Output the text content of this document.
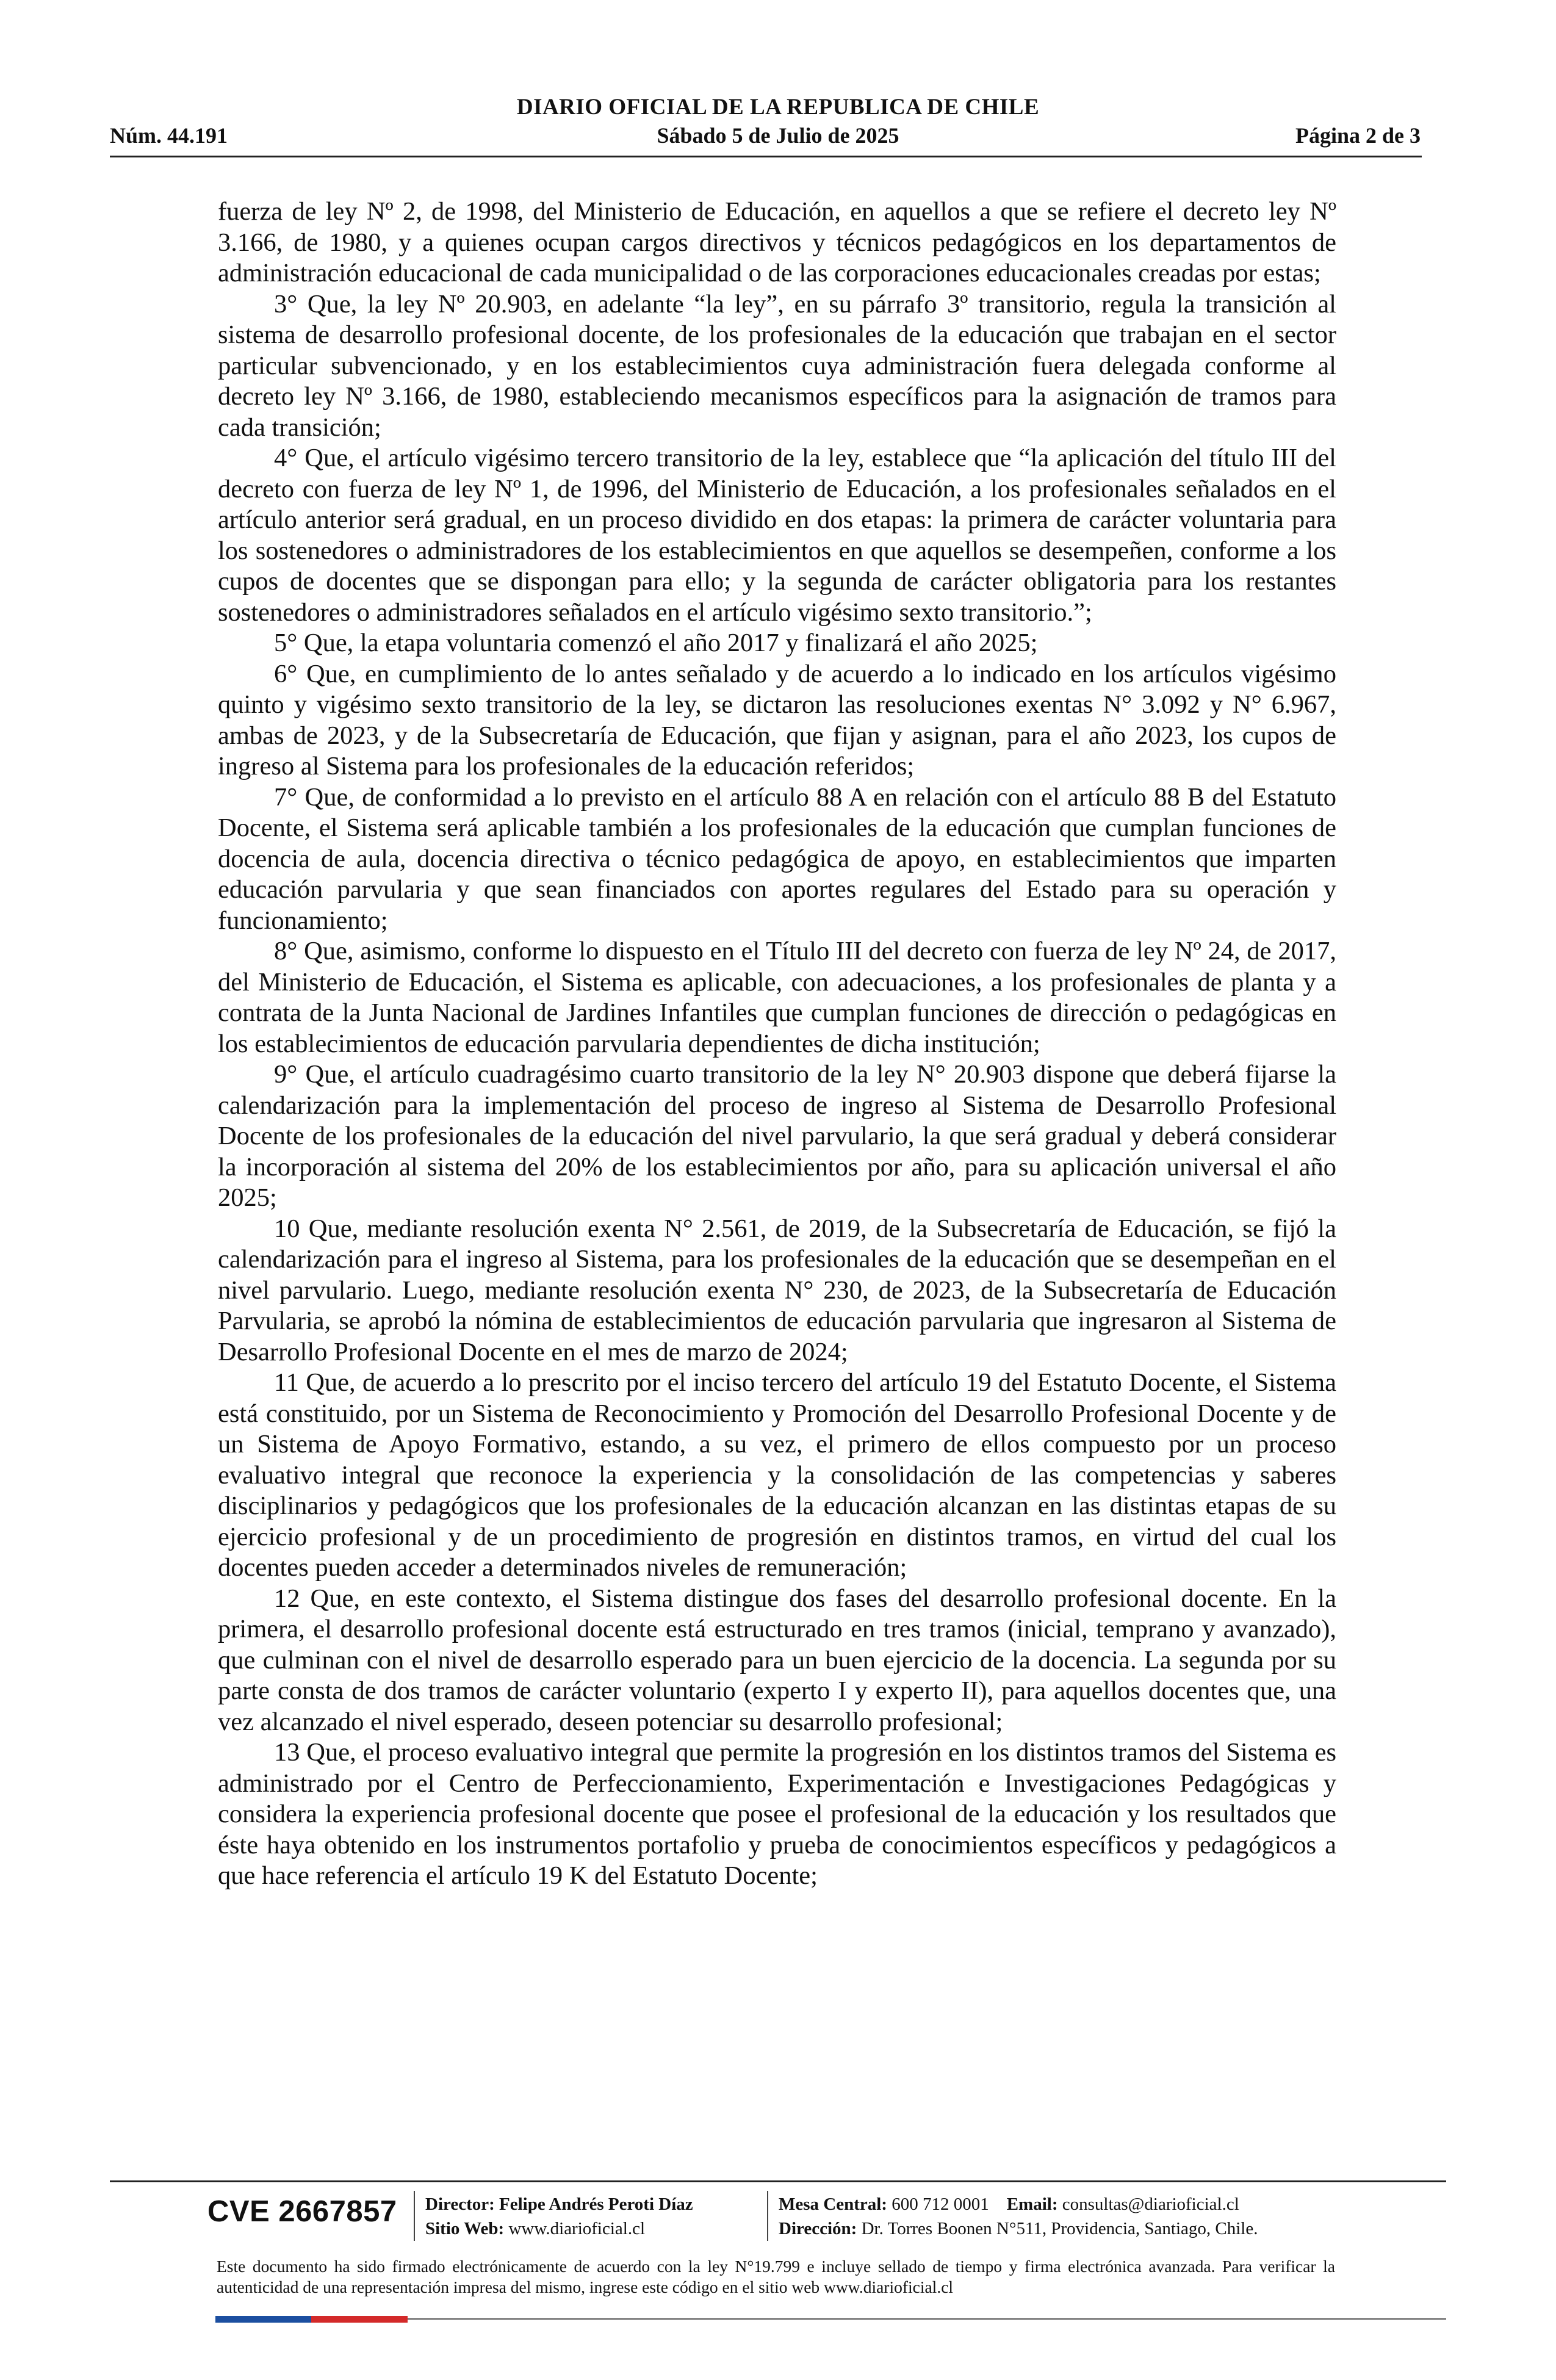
DIARIO OFICIAL DE LA REPUBLICA DE CHILE
Núm. 44.191	Sábado 5 de Julio de 2025	Página 2 de 3

fuerza de ley Nº 2, de 1998, del Ministerio de Educación, en aquellos a que se refiere el decreto ley Nº 3.166, de 1980, y a quienes ocupan cargos directivos y técnicos pedagógicos en los departamentos de administración educacional de cada municipalidad o de las corporaciones educacionales creadas por estas;

3° Que, la ley Nº 20.903, en adelante “la ley”, en su párrafo 3º transitorio, regula la transición al sistema de desarrollo profesional docente, de los profesionales de la educación que trabajan en el sector particular subvencionado, y en los establecimientos cuya administración fuera delegada conforme al decreto ley Nº 3.166, de 1980, estableciendo mecanismos específicos para la asignación de tramos para cada transición;

4° Que, el artículo vigésimo tercero transitorio de la ley, establece que “la aplicación del título III del decreto con fuerza de ley Nº 1, de 1996, del Ministerio de Educación, a los profesionales señalados en el artículo anterior será gradual, en un proceso dividido en dos etapas: la primera de carácter voluntaria para los sostenedores o administradores de los establecimientos en que aquellos se desempeñen, conforme a los cupos de docentes que se dispongan para ello; y la segunda de carácter obligatoria para los restantes sostenedores o administradores señalados en el artículo vigésimo sexto transitorio.”;

5° Que, la etapa voluntaria comenzó el año 2017 y finalizará el año 2025;

6° Que, en cumplimiento de lo antes señalado y de acuerdo a lo indicado en los artículos vigésimo quinto y vigésimo sexto transitorio de la ley, se dictaron las resoluciones exentas N° 3.092 y N° 6.967, ambas de 2023, y de la Subsecretaría de Educación, que fijan y asignan, para el año 2023, los cupos de ingreso al Sistema para los profesionales de la educación referidos;

7° Que, de conformidad a lo previsto en el artículo 88 A en relación con el artículo 88 B del Estatuto Docente, el Sistema será aplicable también a los profesionales de la educación que cumplan funciones de docencia de aula, docencia directiva o técnico pedagógica de apoyo, en establecimientos que imparten educación parvularia y que sean financiados con aportes regulares del Estado para su operación y funcionamiento;

8° Que, asimismo, conforme lo dispuesto en el Título III del decreto con fuerza de ley Nº 24, de 2017, del Ministerio de Educación, el Sistema es aplicable, con adecuaciones, a los profesionales de planta y a contrata de la Junta Nacional de Jardines Infantiles que cumplan funciones de dirección o pedagógicas en los establecimientos de educación parvularia dependientes de dicha institución;

9° Que, el artículo cuadragésimo cuarto transitorio de la ley N° 20.903 dispone que deberá fijarse la calendarización para la implementación del proceso de ingreso al Sistema de Desarrollo Profesional Docente de los profesionales de la educación del nivel parvulario, la que será gradual y deberá considerar la incorporación al sistema del 20% de los establecimientos por año, para su aplicación universal el año 2025;

10 Que, mediante resolución exenta N° 2.561, de 2019, de la Subsecretaría de Educación, se fijó la calendarización para el ingreso al Sistema, para los profesionales de la educación que se desempeñan en el nivel parvulario. Luego, mediante resolución exenta N° 230, de 2023, de la Subsecretaría de Educación Parvularia, se aprobó la nómina de establecimientos de educación parvularia que ingresaron al Sistema de Desarrollo Profesional Docente en el mes de marzo de 2024;

11 Que, de acuerdo a lo prescrito por el inciso tercero del artículo 19 del Estatuto Docente, el Sistema está constituido, por un Sistema de Reconocimiento y Promoción del Desarrollo Profesional Docente y de un Sistema de Apoyo Formativo, estando, a su vez, el primero de ellos compuesto por un proceso evaluativo integral que reconoce la experiencia y la consolidación de las competencias y saberes disciplinarios y pedagógicos que los profesionales de la educación alcanzan en las distintas etapas de su ejercicio profesional y de un procedimiento de progresión en distintos tramos, en virtud del cual los docentes pueden acceder a determinados niveles de remuneración;

12 Que, en este contexto, el Sistema distingue dos fases del desarrollo profesional docente. En la primera, el desarrollo profesional docente está estructurado en tres tramos (inicial, temprano y avanzado), que culminan con el nivel de desarrollo esperado para un buen ejercicio de la docencia. La segunda por su parte consta de dos tramos de carácter voluntario (experto I y experto II), para aquellos docentes que, una vez alcanzado el nivel esperado, deseen potenciar su desarrollo profesional;

13 Que, el proceso evaluativo integral que permite la progresión en los distintos tramos del Sistema es administrado por el Centro de Perfeccionamiento, Experimentación e Investigaciones Pedagógicas y considera la experiencia profesional docente que posee el profesional de la educación y los resultados que éste haya obtenido en los instrumentos portafolio y prueba de conocimientos específicos y pedagógicos a que hace referencia el artículo 19 K del Estatuto Docente;

CVE 2667857 Director: Felipe Andrés Peroti Díaz
Sitio Web: www.diarioficial.cl
Mesa Central: 600 712 0001 Email: consultas@diarioficial.cl
Dirección: Dr. Torres Boonen N°511, Providencia, Santiago, Chile.
Este documento ha sido firmado electrónicamente de acuerdo con la ley N°19.799 e incluye sellado de tiempo y firma electrónica avanzada. Para verificar la autenticidad de una representación impresa del mismo, ingrese este código en el sitio web www.diarioficial.cl
